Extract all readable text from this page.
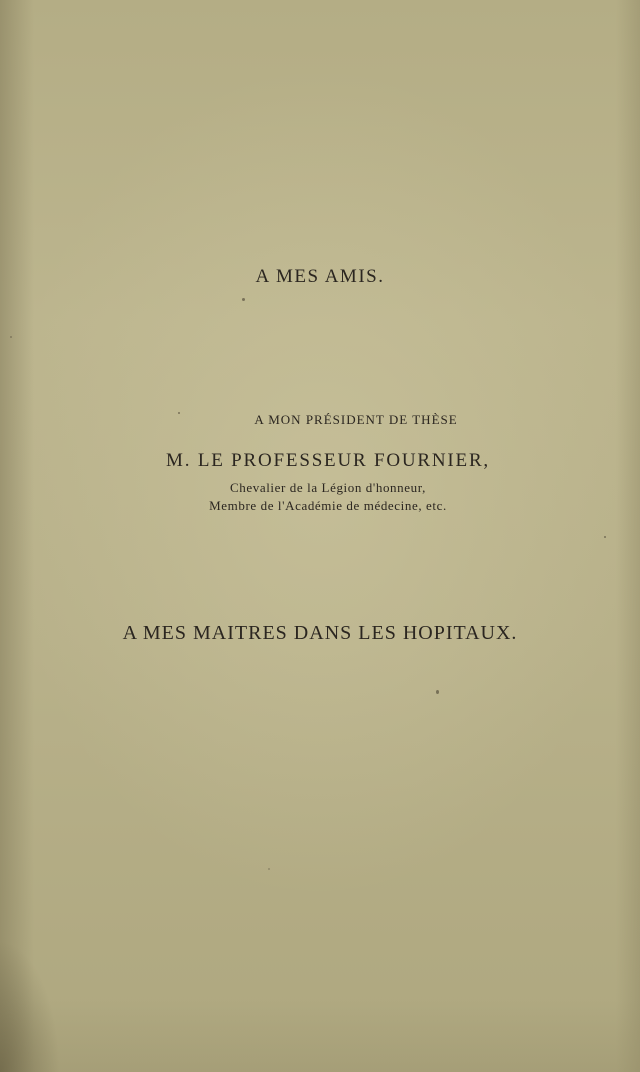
A MES AMIS.
A MON PRÉSIDENT DE THÈSE
M. LE PROFESSEUR FOURNIER,
Chevalier de la Légion d'honneur,
Membre de l'Académie de médecine, etc.
A MES MAITRES DANS LES HOPITAUX.
